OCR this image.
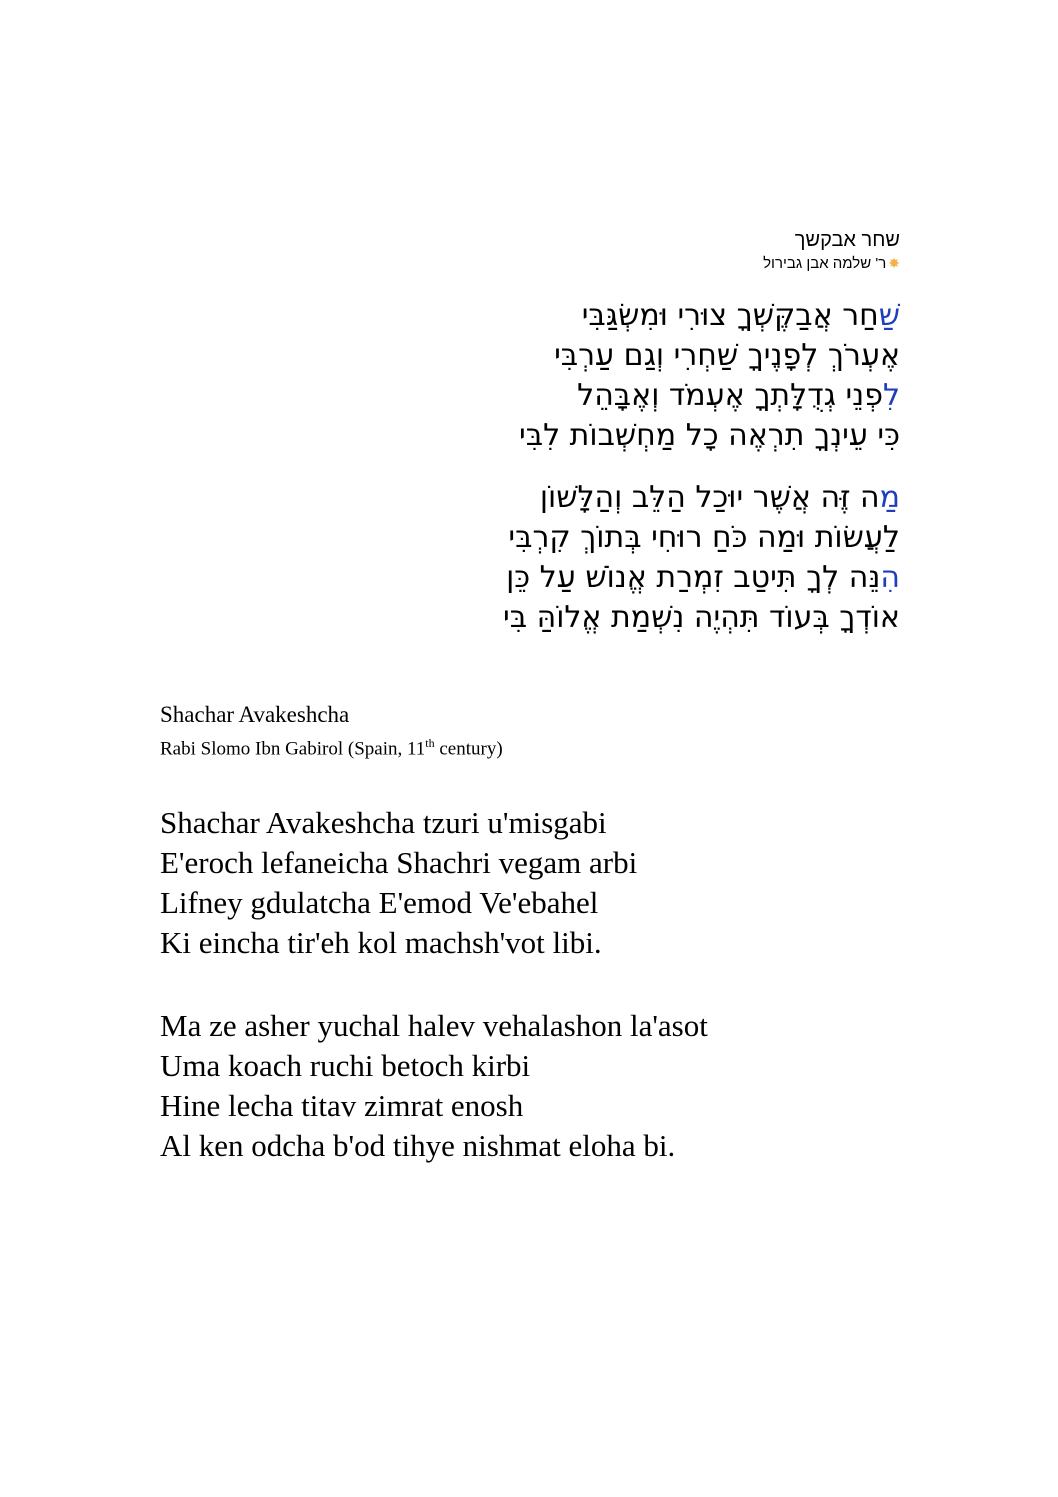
שחר אבקשך
✸ר' שלמה אבן גבירול
שַׁחַר אֲבַקֶּשְׁךָ צוּרִי וּמִשְׂגַּבִּי
אֶעְרֹךְ לְפָנֶיךָ שַׁחְרִי וְגַם עַרְבִּי
לִפְנֵי גְדֻלָּתְךָ אֶעְמֹד וְאֶבָּהֵל
כִּי עֵינְךָ תִרְאֶה כָל מַחְשְׁבוֹת לִבִּי
מַה זֶּה אֲשֶׁר יוּכַל הַלֵּב וְהַלָּשׁוֹן
לַעֲשׂוֹת וּמַה כֹּחַ רוּחִי בְּתוֹךְ קִרְבִּי
הִנֵּה לְךָ תִּיטַב זִמְרַת אֱנוֹשׁ עַל כֵּן
אוֹדְךָ בְּעוֹד תִּהְיֶה נִשְׁמַת אֱלוֹהַּ בִּי
Shachar Avakeshcha
Rabi Slomo Ibn Gabirol (Spain, 11th century)
Shachar Avakeshcha tzuri u'misgabi
E'eroch lefaneicha Shachri vegam arbi
Lifney gdulatcha E'emod Ve'ebahel
Ki eincha tir'eh kol machsh'vot libi.
Ma ze asher yuchal halev vehalashon la'asot
Uma koach ruchi betoch kirbi
Hine lecha titav zimrat enosh
Al ken odcha b'od tihye nishmat eloha bi.
